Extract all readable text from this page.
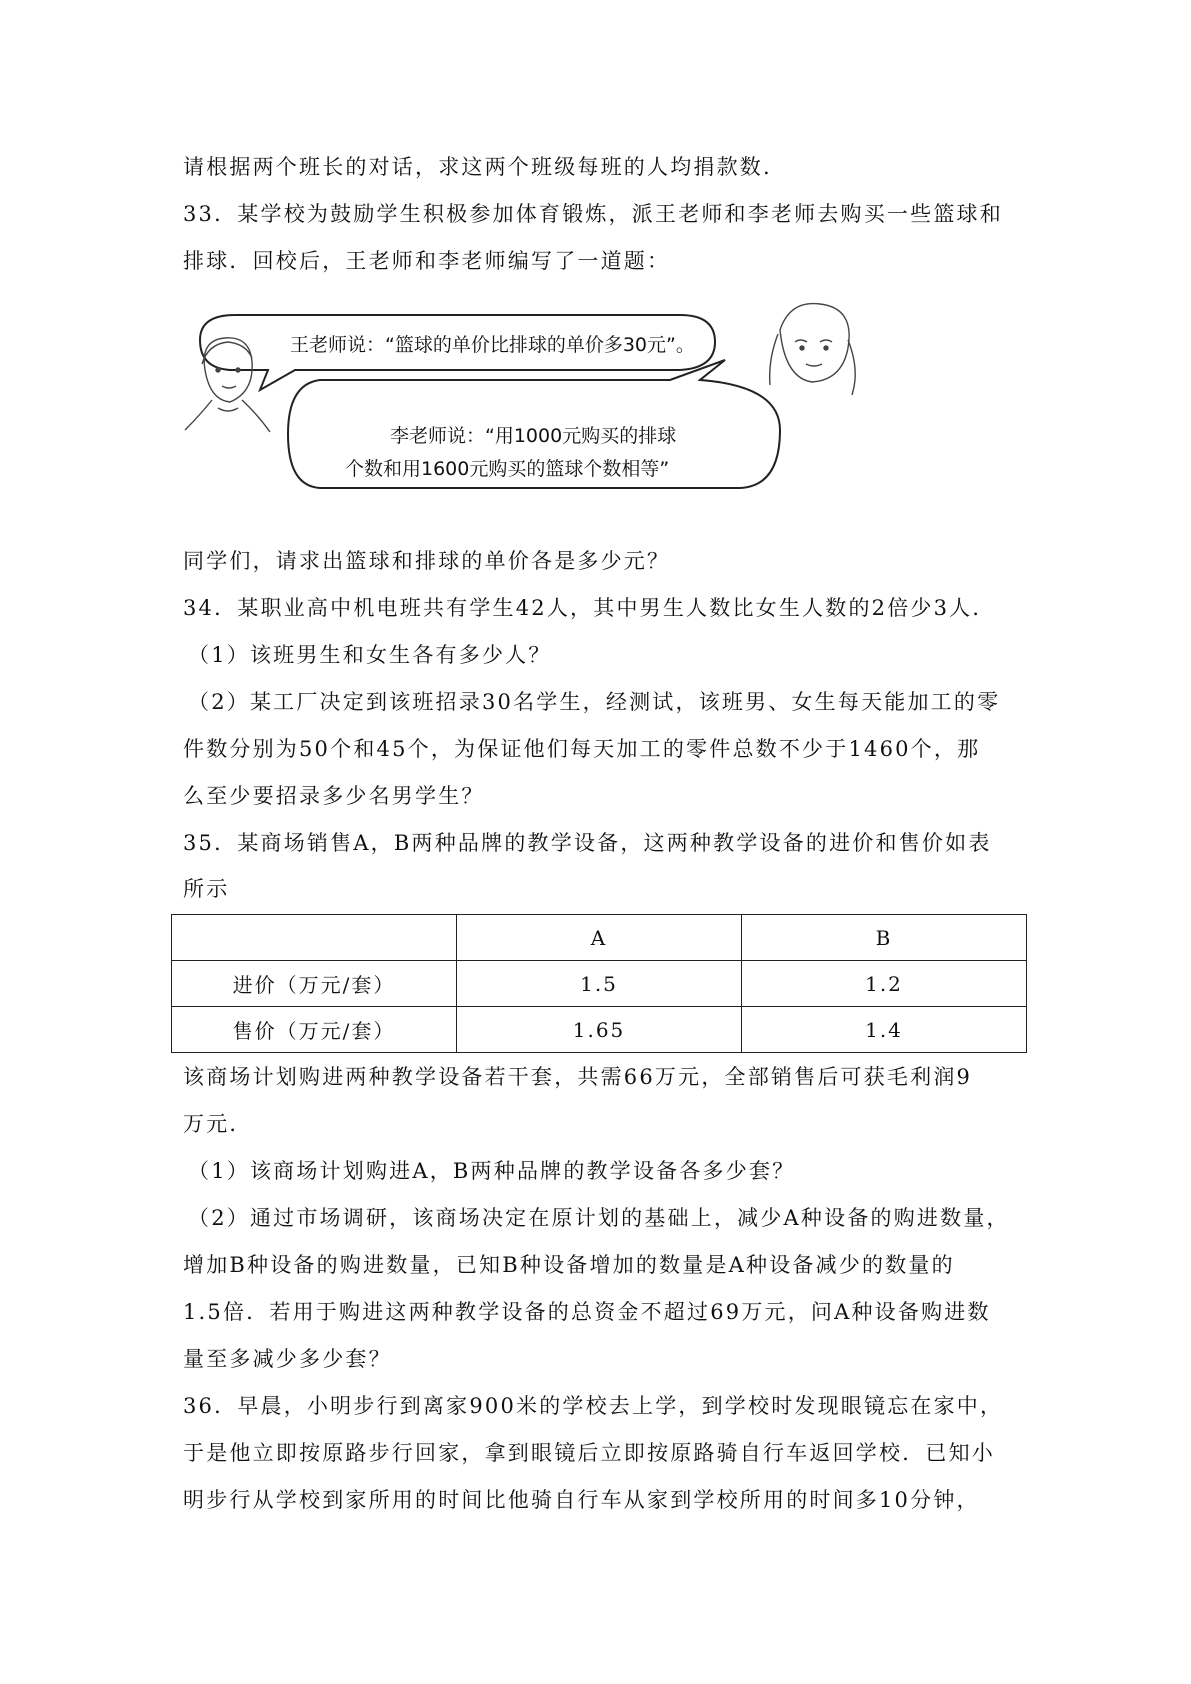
请根据两个班长的对话，求这两个班级每班的人均捐款数.
33．某学校为鼓励学生积极参加体育锻炼，派王老师和李老师去购买一些篮球和
排球．回校后，王老师和李老师编写了一道题：
王老师说：“篮球的单价比排球的单价多30元”。
李老师说：“用1000元购买的排球
个数和用1600元购买的篮球个数相等”
同学们，请求出篮球和排球的单价各是多少元？
34．某职业高中机电班共有学生42人，其中男生人数比女生人数的2倍少3人．
（1）该班男生和女生各有多少人？
（2）某工厂决定到该班招录30名学生，经测试，该班男、女生每天能加工的零
件数分别为50个和45个，为保证他们每天加工的零件总数不少于1460个，那
么至少要招录多少名男学生？
35．某商场销售A，B两种品牌的教学设备，这两种教学设备的进价和售价如表
所示
	A	B
进价（万元/套）	1.5	1.2
售价（万元/套）	1.65	1.4
该商场计划购进两种教学设备若干套，共需66万元，全部销售后可获毛利润9
万元．
（1）该商场计划购进A，B两种品牌的教学设备各多少套？
（2）通过市场调研，该商场决定在原计划的基础上，减少A种设备的购进数量，
增加B种设备的购进数量，已知B种设备增加的数量是A种设备减少的数量的
1.5倍．若用于购进这两种教学设备的总资金不超过69万元，问A种设备购进数
量至多减少多少套？
36．早晨，小明步行到离家900米的学校去上学，到学校时发现眼镜忘在家中，
于是他立即按原路步行回家，拿到眼镜后立即按原路骑自行车返回学校．已知小
明步行从学校到家所用的时间比他骑自行车从家到学校所用的时间多10分钟，
